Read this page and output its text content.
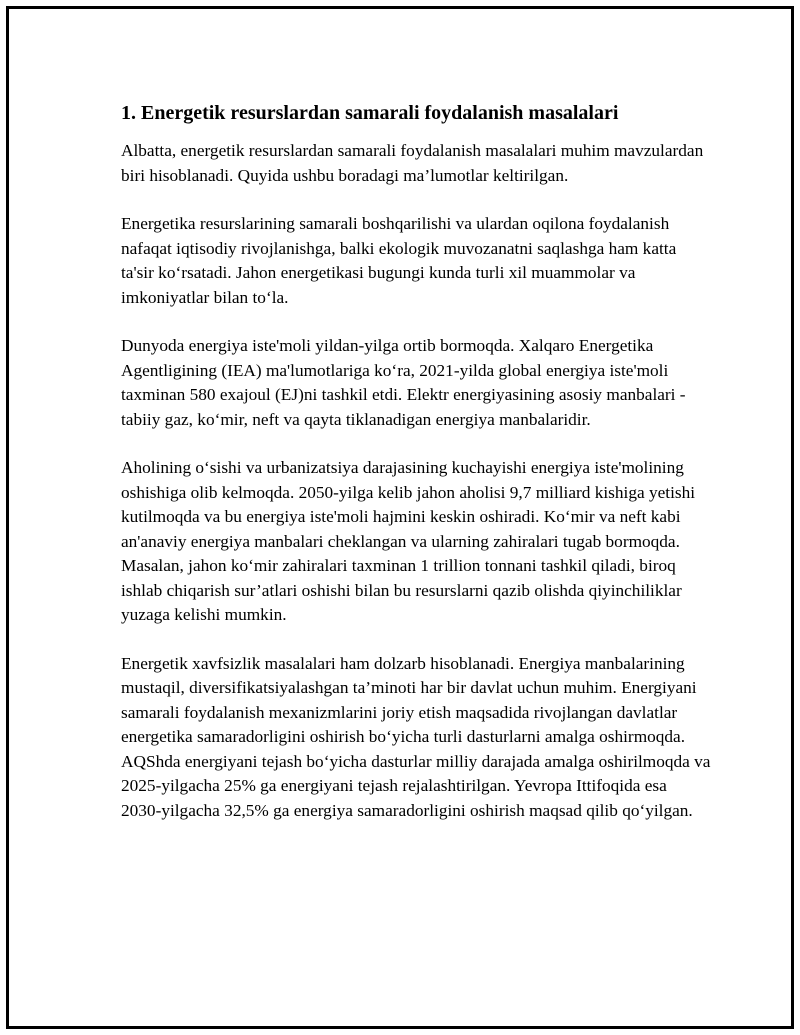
1. Energetik resurslardan samarali foydalanish masalalari

Albatta, energetik resurslardan samarali foydalanish masalalari muhim mavzulardan biri hisoblanadi. Quyida ushbu boradagi ma’lumotlar keltirilgan.

Energetika resurslarining samarali boshqarilishi va ulardan oqilona foydalanish nafaqat iqtisodiy rivojlanishga, balki ekologik muvozanatni saqlashga ham katta ta'sir ko‘rsatadi. Jahon energetikasi bugungi kunda turli xil muammolar va imkoniyatlar bilan to‘la.

Dunyoda energiya iste'moli yildan-yilga ortib bormoqda. Xalqaro Energetika Agentligining (IEA) ma'lumotlariga ko‘ra, 2021-yilda global energiya iste'moli taxminan 580 exajoul (EJ)ni tashkil etdi. Elektr energiyasining asosiy manbalari - tabiiy gaz, ko‘mir, neft va qayta tiklanadigan energiya manbalaridir.

Aholining o‘sishi va urbanizatsiya darajasining kuchayishi energiya iste'molining oshishiga olib kelmoqda. 2050-yilga kelib jahon aholisi 9,7 milliard kishiga yetishi kutilmoqda va bu energiya iste'moli hajmini keskin oshiradi. Ko‘mir va neft kabi an'anaviy energiya manbalari cheklangan va ularning zahiralari tugab bormoqda. Masalan, jahon ko‘mir zahiralari taxminan 1 trillion tonnani tashkil qiladi, biroq ishlab chiqarish sur’atlari oshishi bilan bu resurslarni qazib olishda qiyinchiliklar yuzaga kelishi mumkin.

Energetik xavfsizlik masalalari ham dolzarb hisoblanadi. Energiya manbalarining mustaqil, diversifikatsiyalashgan ta’minoti har bir davlat uchun muhim. Energiyani samarali foydalanish mexanizmlarini joriy etish maqsadida rivojlangan davlatlar energetika samaradorligini oshirish bo‘yicha turli dasturlarni amalga oshirmoqda. AQShda energiyani tejash bo‘yicha dasturlar milliy darajada amalga oshirilmoqda va 2025-yilgacha 25% ga energiyani tejash rejalashtirilgan. Yevropa Ittifoqida esa 2030-yilgacha 32,5% ga energiya samaradorligini oshirish maqsad qilib qo‘yilgan.
